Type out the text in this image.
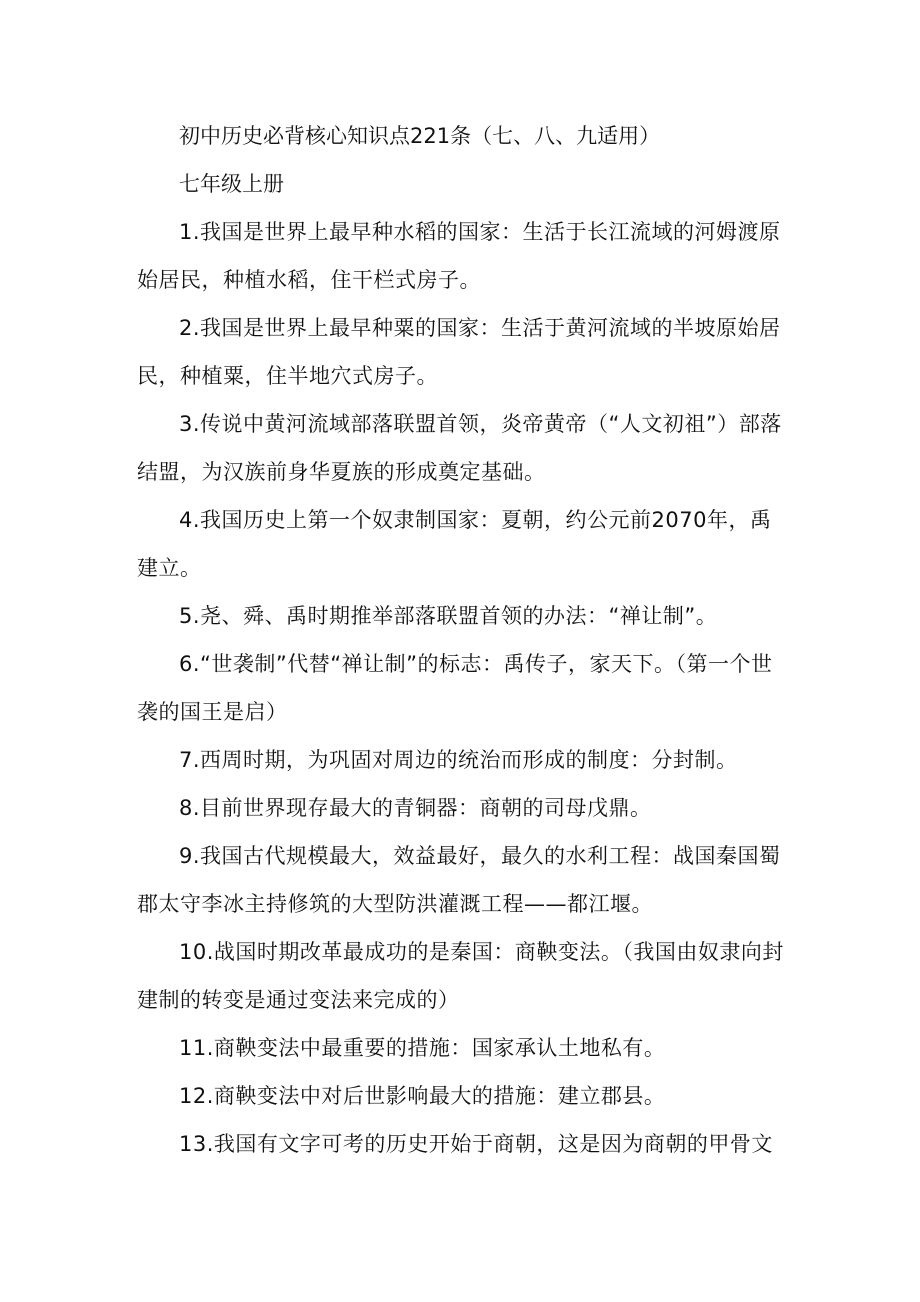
初中历史必背核心知识点221条（七、八、九适用）

七年级上册

1.我国是世界上最早种水稻的国家：生活于长江流域的河姆渡原始居民，种植水稻，住干栏式房子。

2.我国是世界上最早种粟的国家：生活于黄河流域的半坡原始居民，种植粟，住半地穴式房子。

3.传说中黄河流域部落联盟首领，炎帝黄帝（“人文初祖”）部落结盟，为汉族前身华夏族的形成奠定基础。

4.我国历史上第一个奴隶制国家：夏朝，约公元前2070年，禹建立。

5.尧、舜、禹时期推举部落联盟首领的办法：“禅让制”。

6.“世袭制”代替“禅让制”的标志：禹传子，家天下。（第一个世袭的国王是启）

7.西周时期，为巩固对周边的统治而形成的制度：分封制。

8.目前世界现存最大的青铜器：商朝的司母戊鼎。

9.我国古代规模最大，效益最好，最久的水利工程：战国秦国蜀郡太守李冰主持修筑的大型防洪灌溉工程——都江堰。

10.战国时期改革最成功的是秦国：商鞅变法。（我国由奴隶向封建制的转变是通过变法来完成的）

11.商鞅变法中最重要的措施：国家承认土地私有。

12.商鞅变法中对后世影响最大的措施：建立郡县。

13.我国有文字可考的历史开始于商朝，这是因为商朝的甲骨文
